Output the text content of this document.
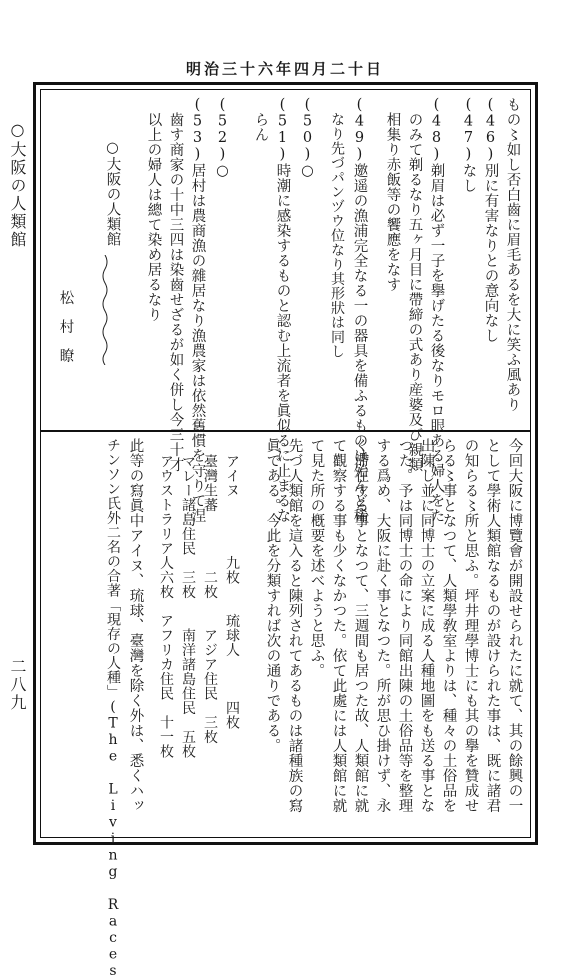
明治三十六年四月二十日
○大阪の人類館
二八九
もの〻如し否白齒に眉毛あるを大に笑ふ風あり
(46)別に有害なりとの意向なし
(47)なし
(48)剃眉は必ず一子を擧げたる後なりモロ眼ある婦人をた
のみて剃るなり五ヶ月目に帶締の式あり産婆及び親類
相集り赤飯等の饗應をなす
(49)邀遥の漁浦完全なる一の器具を備ふるものは殆んど稀
なり先づパンヅウ位なり其形狀は同し
(50)○
(51)時潮に感染するものと認む上流者を眞似るに止まるな
らん
(52)○
(53)居村は農商漁の雜居なり漁農家は依然舊慣を守りて涅
齒す商家の十中三四は染齒せざるが如く併し今三十才
以上の婦人は總て染め居るなり
○大阪の人類館
松　村　瞭
今回大阪に博覽會が開設せられたに就て、其の餘興の一
として學術人類館なるものが設けられた事は、既に諸君
の知らる〻所と思ふ。坪井理學博士にも其の擧を贊成せ
らる〻事となつて、人類學敎室よりは、種々の土俗品を
出陳し並に同博士の立案に成る人種地圖をも送る事とな
つた。予は同博士の命により同館出陳の土俗品等を整理
する爲め、大阪に赴く事となつた。所が思ひ掛けず、永
く滯在する事となつて、三週間も居つた故、人類館に就
て觀察する事も少くなかつた。依て此處には人類館に就
て見た所の槪要を述べようと思ふ。
先づ人類館を這入ると陳列されてあるものは諸種族の寫
眞である。今此を分類すれば次の通りである。
アイヌ　　　　九枚　　琉球人　　　四枚
臺灣生蕃　　　　二枚　　アジア住民　三枚
マレー諸島住民　三枚　　南洋諸島住民　五枚
アウストラリア人六枚　アフリカ住民　十一枚
此等の寫眞中アイヌ、琉球、臺灣を除く外は、悉くハッ
チンソン氏外二名の合著「現存の人種」(The Living Races
